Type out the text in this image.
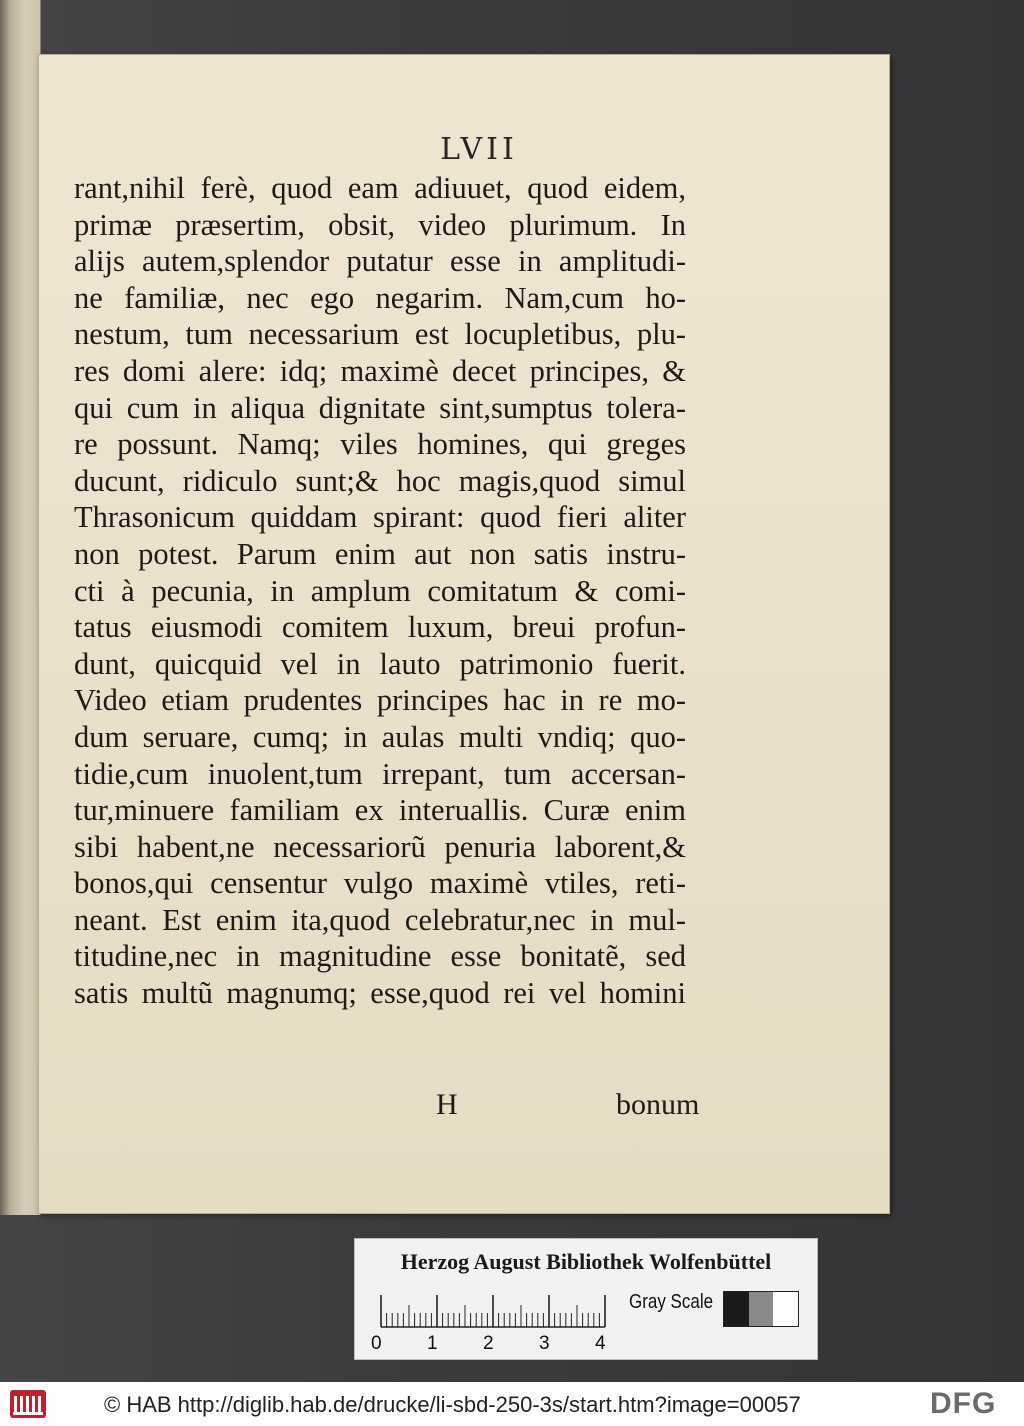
LVII
rant,nihil ferè, quod eam adiuuet, quod eidem,
primæ præsertim, obsit, video plurimum. In
alijs autem,splendor putatur esse in amplitudi-
ne familiæ, nec ego negarim. Nam,cum ho-
nestum, tum necessarium est locupletibus, plu-
res domi alere: idq; maximè decet principes, &
qui cum in aliqua dignitate sint,sumptus tolera-
re possunt. Namq; viles homines, qui greges
ducunt, ridiculo sunt;& hoc magis,quod simul
Thrasonicum quiddam spirant: quod fieri aliter
non potest. Parum enim aut non satis instru-
cti à pecunia, in amplum comitatum & comi-
tatus eiusmodi comitem luxum, breui profun-
dunt, quicquid vel in lauto patrimonio fuerit.
Video etiam prudentes principes hac in re mo-
dum seruare, cumq; in aulas multi vndiq; quo-
tidie,cum inuolent,tum irrepant, tum accersan-
tur,minuere familiam ex interuallis. Curæ enim
sibi habent,ne necessariorũ penuria laborent,&
bonos,qui censentur vulgo maximè vtiles, reti-
neant. Est enim ita,quod celebratur,nec in mul-
titudine,nec in magnitudine esse bonitatẽ, sed
satis multũ magnumq; esse,quod rei vel homini
H	bonum
Herzog August Bibliothek Wolfenbüttel
0 1 2 3 4
Gray Scale
© HAB http://diglib.hab.de/drucke/li-sbd-250-3s/start.htm?image=00057	DFG
